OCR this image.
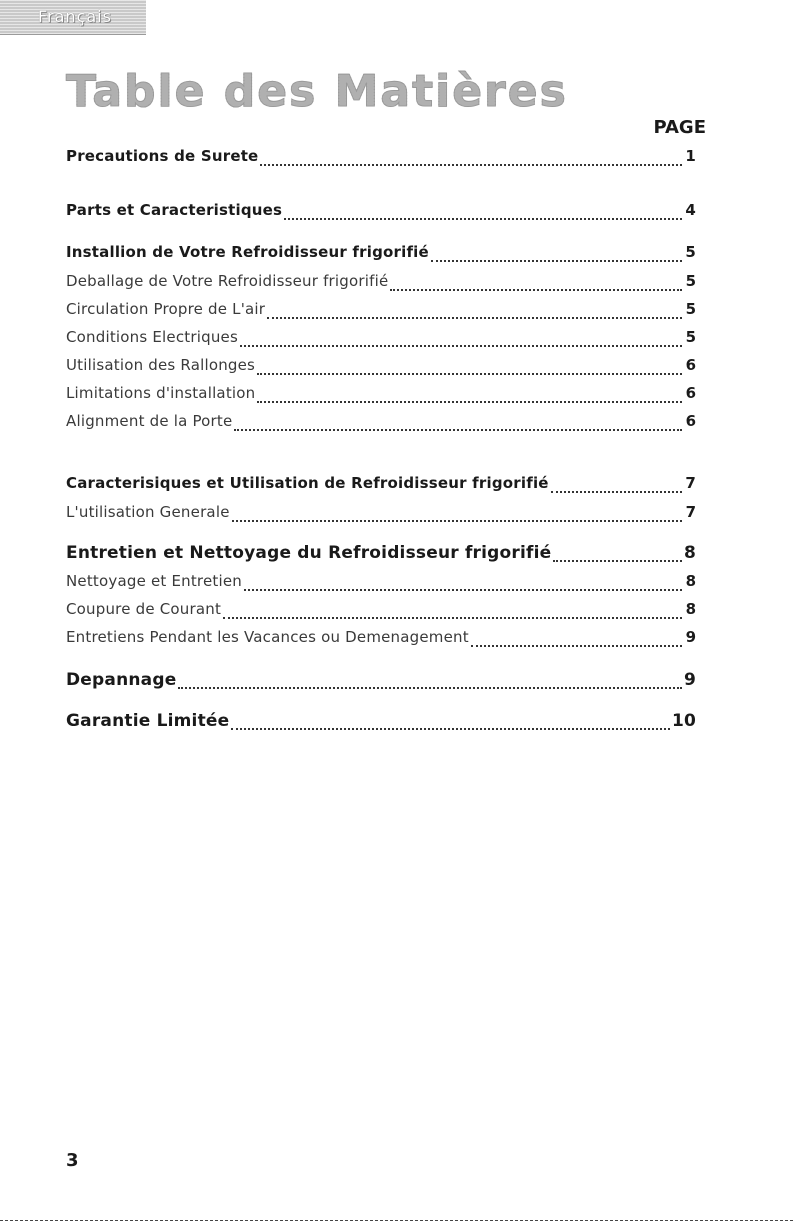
Français
Table des Matières
PAGE
Precautions de Surete	1
Parts et Caracteristiques	4
Installion de Votre Refroidisseur frigorifié	5
Deballage de Votre Refroidisseur frigorifié	5
Circulation Propre de L'air	5
Conditions Electriques	5
Utilisation des Rallonges	6
Limitations d'installation	6
Alignment de la Porte	6
Caracterisiques et Utilisation de Refroidisseur frigorifié	7
L'utilisation Generale	7
Entretien et Nettoyage du Refroidisseur frigorifié	8
Nettoyage et Entretien	8
Coupure de Courant	8
Entretiens Pendant les Vacances ou Demenagement	9
Depannage	9
Garantie Limitée	10
3
